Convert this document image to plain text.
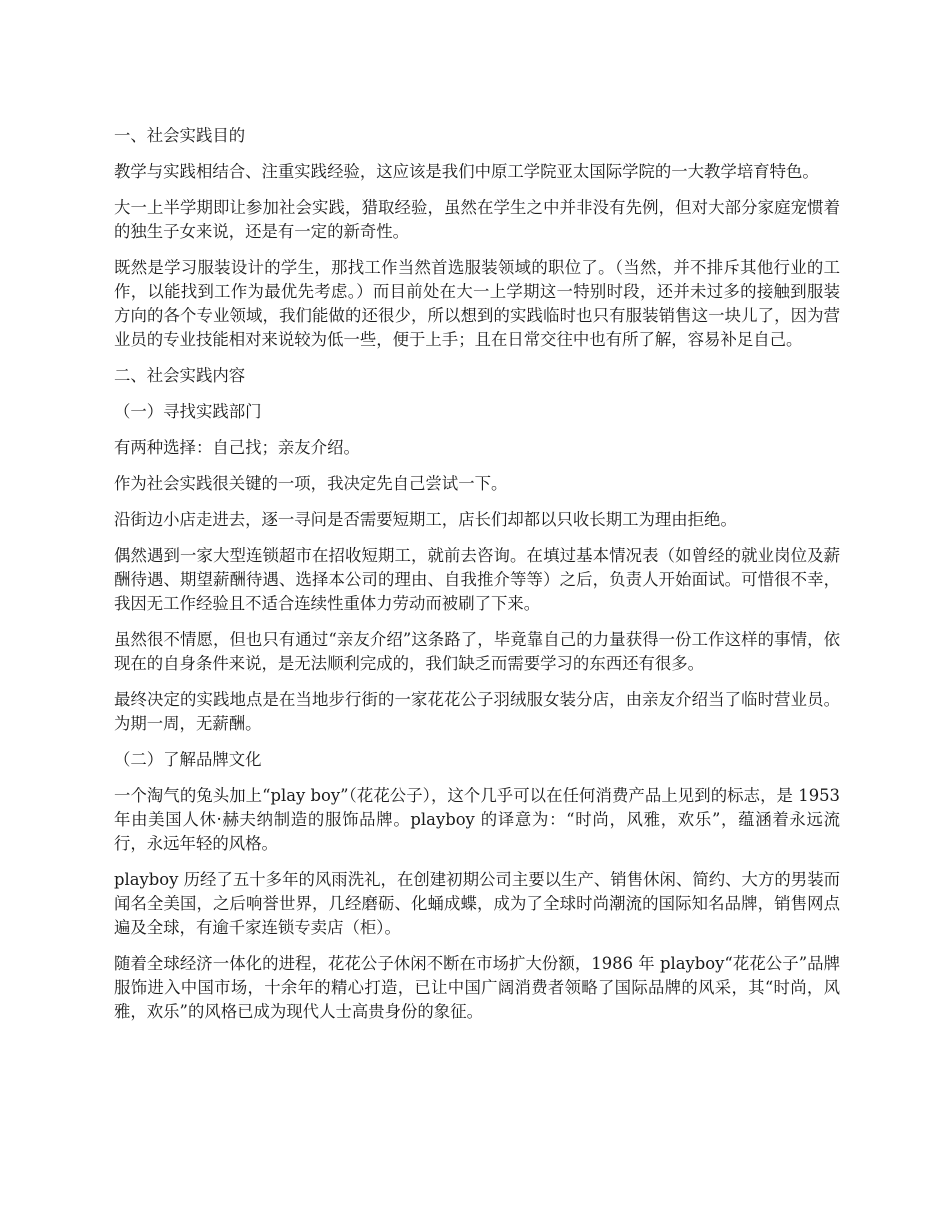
一、社会实践目的

教学与实践相结合、注重实践经验，这应该是我们中原工学院亚太国际学院的一大教学培育特色。

大一上半学期即让参加社会实践，猎取经验，虽然在学生之中并非没有先例，但对大部分家庭宠惯着的独生子女来说，还是有一定的新奇性。

既然是学习服装设计的学生，那找工作当然首选服装领域的职位了。（当然，并不排斥其他行业的工作，以能找到工作为最优先考虑。）而目前处在大一上学期这一特别时段，还并未过多的接触到服装方向的各个专业领域，我们能做的还很少，所以想到的实践临时也只有服装销售这一块儿了，因为营业员的专业技能相对来说较为低一些，便于上手；且在日常交往中也有所了解，容易补足自己。

二、社会实践内容

（一）寻找实践部门

有两种选择：自己找；亲友介绍。

作为社会实践很关键的一项，我决定先自己尝试一下。

沿街边小店走进去，逐一寻问是否需要短期工，店长们却都以只收长期工为理由拒绝。

偶然遇到一家大型连锁超市在招收短期工，就前去咨询。在填过基本情况表（如曾经的就业岗位及薪酬待遇、期望薪酬待遇、选择本公司的理由、自我推介等等）之后，负责人开始面试。可惜很不幸，我因无工作经验且不适合连续性重体力劳动而被刷了下来。

虽然很不情愿，但也只有通过“亲友介绍”这条路了，毕竟靠自己的力量获得一份工作这样的事情，依现在的自身条件来说，是无法顺利完成的，我们缺乏而需要学习的东西还有很多。

最终决定的实践地点是在当地步行街的一家花花公子羽绒服女装分店，由亲友介绍当了临时营业员。为期一周，无薪酬。

（二）了解品牌文化

一个淘气的兔头加上“play boy”（花花公子），这个几乎可以在任何消费产品上见到的标志，是 1953 年由美国人休·赫夫纳制造的服饰品牌。playboy 的译意为：“时尚，风雅，欢乐”，蕴涵着永远流行，永远年轻的风格。

playboy 历经了五十多年的风雨洗礼，在创建初期公司主要以生产、销售休闲、简约、大方的男装而闻名全美国，之后响誉世界，几经磨砺、化蛹成蝶，成为了全球时尚潮流的国际知名品牌，销售网点遍及全球，有逾千家连锁专卖店（柜）。

随着全球经济一体化的进程，花花公子休闲不断在市场扩大份额，1986 年 playboy“花花公子”品牌服饰进入中国市场，十余年的精心打造，已让中国广阔消费者领略了国际品牌的风采，其“时尚，风雅，欢乐”的风格已成为现代人士高贵身份的象征。
